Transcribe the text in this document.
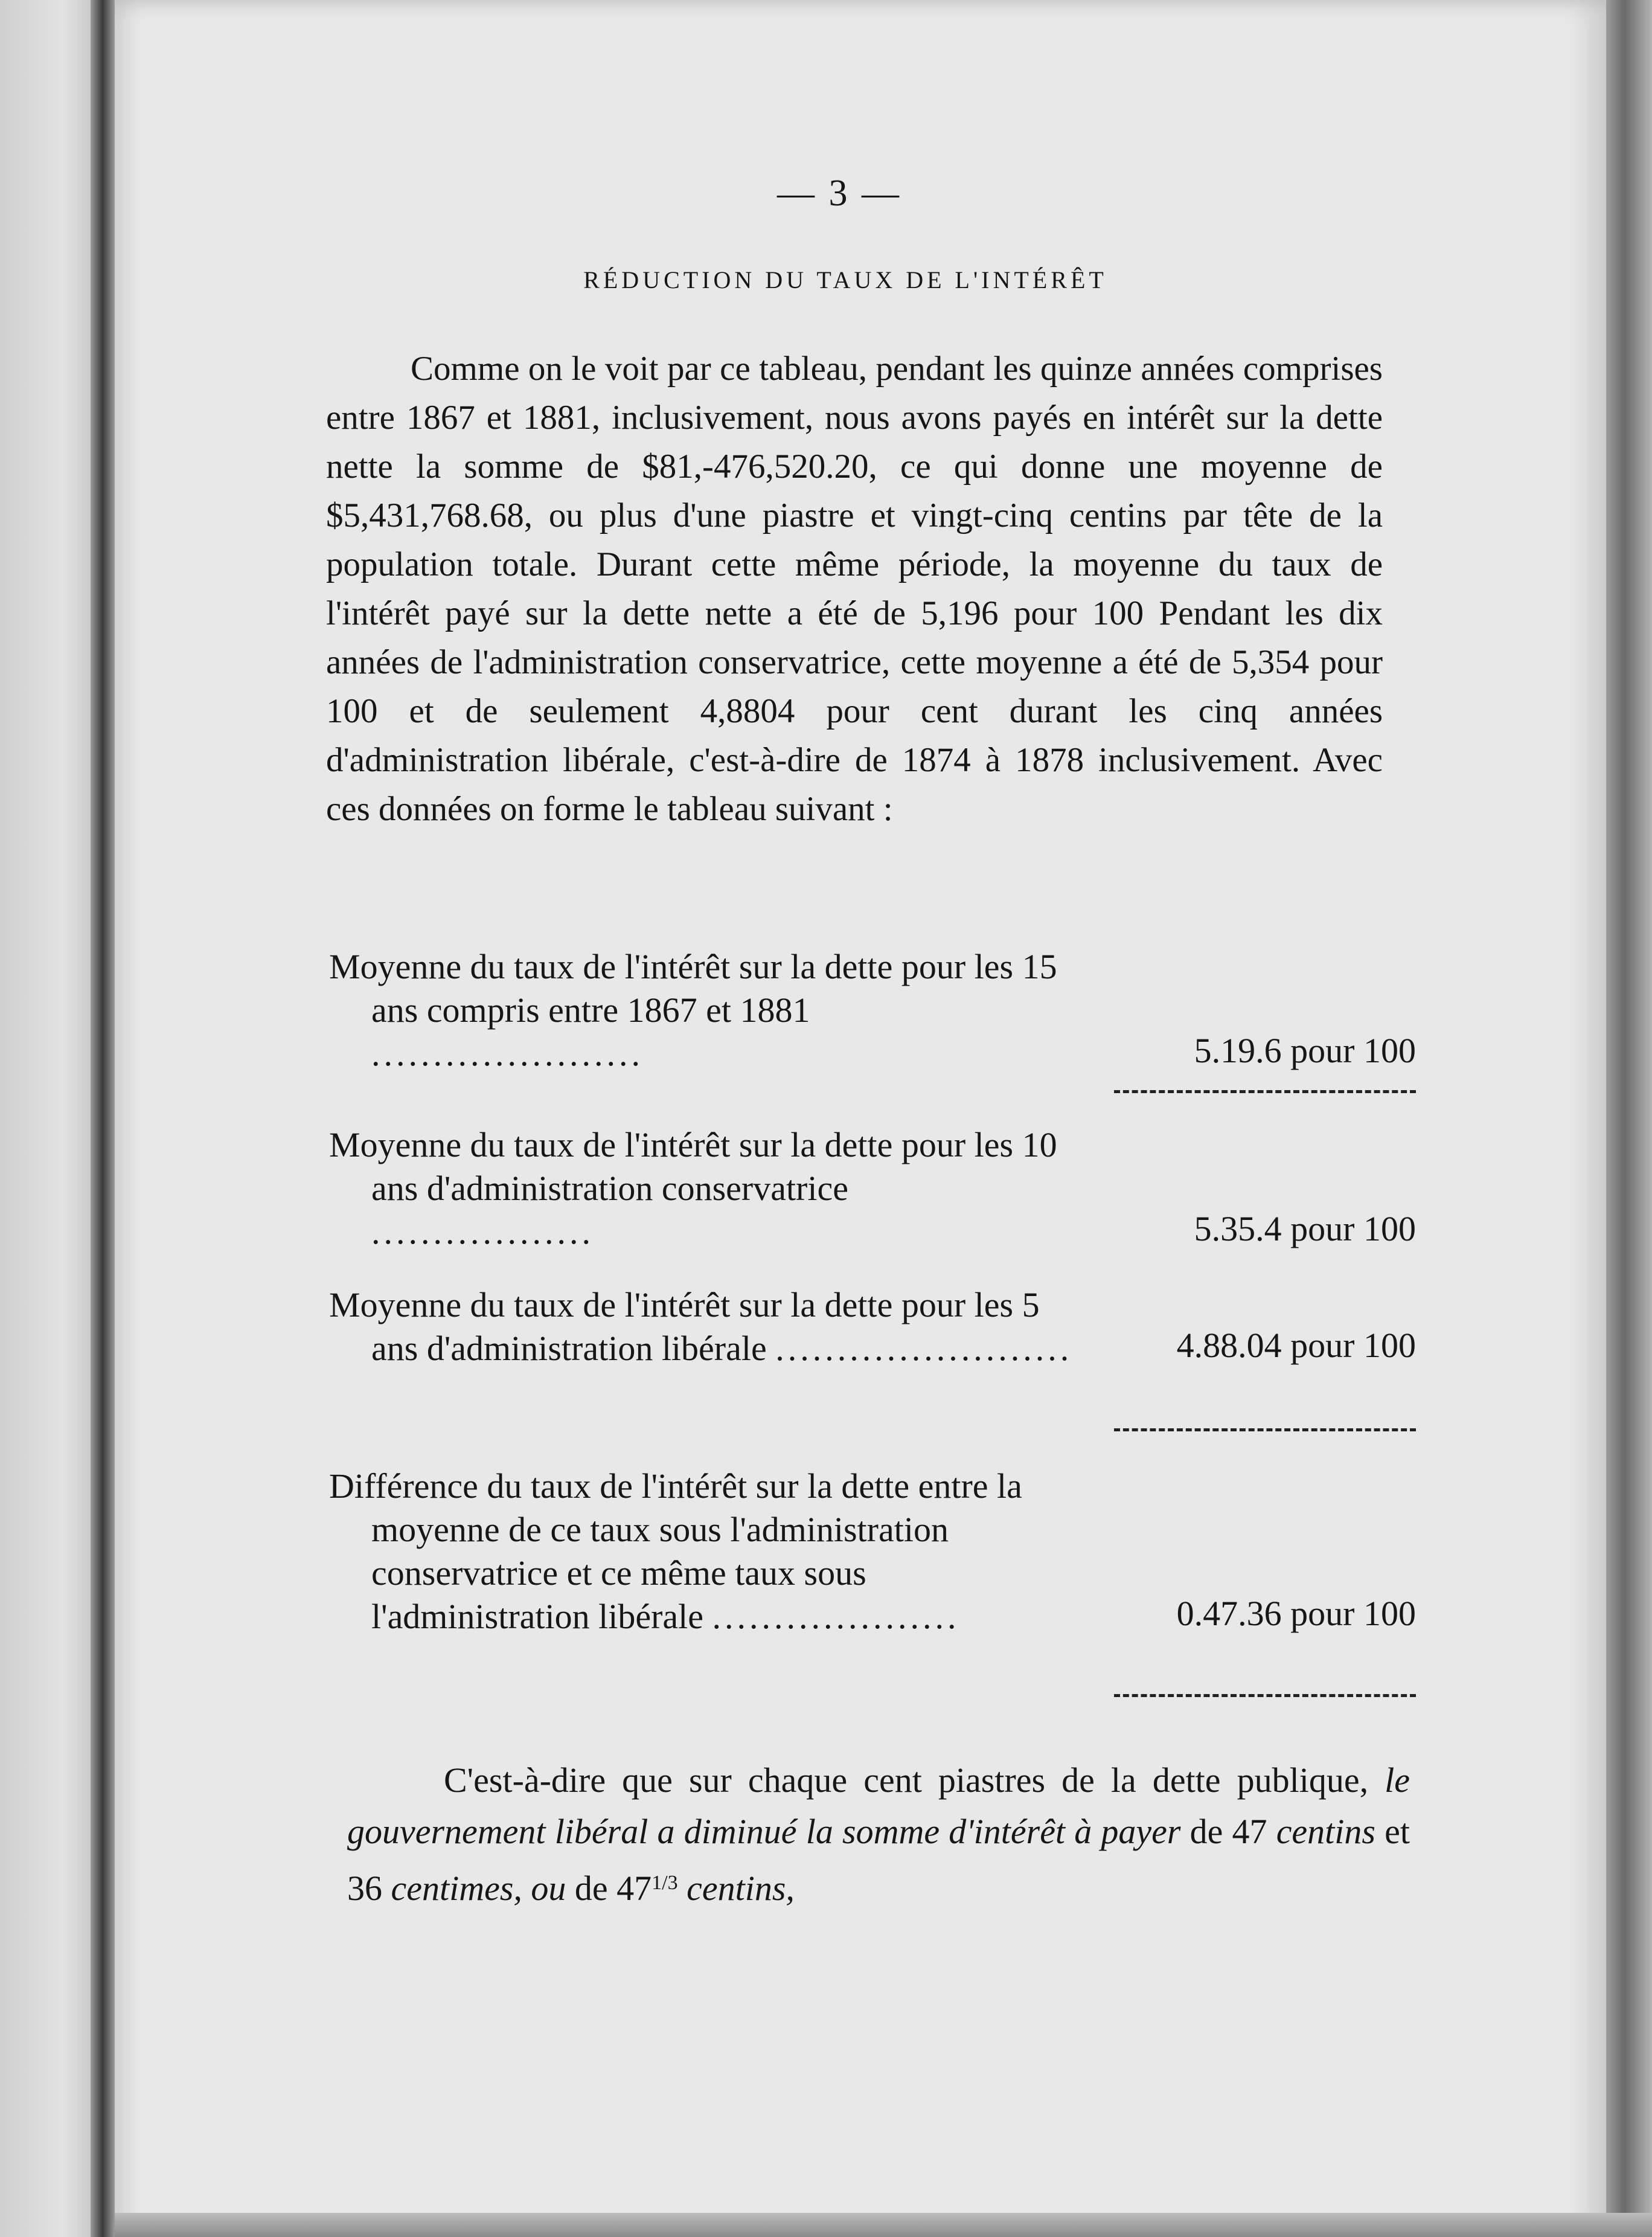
— 3 —
RÉDUCTION DU TAUX DE L'INTÉRÊT

Comme on le voit par ce tableau, pendant les quinze années comprises entre 1867 et 1881, inclusivement, nous avons payés en intérêt sur la dette nette la somme de $81,-476,520.20, ce qui donne une moyenne de $5,431,768.68, ou plus d'une piastre et vingt-cinq centins par tête de la population totale. Durant cette même période, la moyenne du taux de l'intérêt payé sur la dette nette a été de 5,196 pour 100 Pendant les dix années de l'administration conservatrice, cette moyenne a été de 5,354 pour 100 et de seulement 4,8804 pour cent durant les cinq années d'administration libérale, c'est-à-dire de 1874 à 1878 inclusivement. Avec ces données on forme le tableau suivant :

Moyenne du taux de l'intérêt sur la dette pour les 15 ans compris entre 1867 et 1881 ......................	5.19.6 pour 100
Moyenne du taux de l'intérêt sur la dette pour les 10 ans d'administration conservatrice ..................	5.35.4 pour 100
Moyenne du taux de l'intérêt sur la dette pour les 5 ans d'administration libérale ........................	4.88.04 pour 100
Différence du taux de l'intérêt sur la dette entre la moyenne de ce taux sous l'administration conservatrice et ce même taux sous l'administration libérale ....................	0.47.36 pour 100

C'est-à-dire que sur chaque cent piastres de la dette publique, le gouvernement libéral a diminué la somme d'intérêt à payer de 47 centins et 36 centimes, ou de $47^{1/3}$ centins,
